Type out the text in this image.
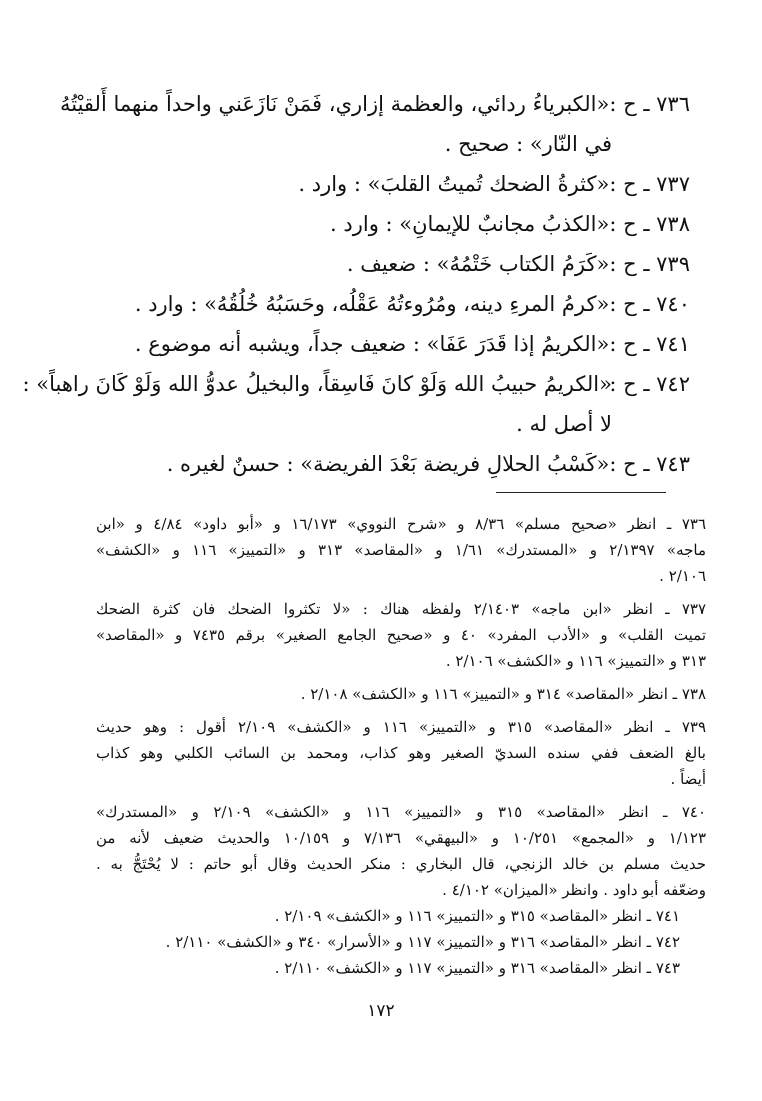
٧٣٦ ـ ح :
«الكبرياءُ ردائي، والعظمة إزاري، فَمَنْ نَازَعَني واحداً منهما أَلقيْتُهُ
في النّار» : صحيح .
٧٣٧ ـ ح :
«كثرةُ الضحك تُميتُ القلبَ» : وارد .
٧٣٨ ـ ح :
«الكذبُ مجانبٌ للإيمانِ» : وارد .
٧٣٩ ـ ح :
«كَرَمُ الكتاب خَتْمُهُ» : ضعيف .
٧٤٠ ـ ح :
«كرمُ المرءِ دينه، ومُرُوءتُهُ عَقْلُه، وحَسَبُهُ خُلُقُهُ» : وارد .
٧٤١ ـ ح :
«الكريمُ إذا قَدَرَ عَفَا» : ضعيف جداً، ويشبه أنه موضوع .
٧٤٢ ـ ح :
«الكريمُ حبيبُ الله وَلَوْ كانَ فَاسِقاً، والبخيلُ عدوُّ الله وَلَوْ كَانَ راهباً» :
لا أصل له .
٧٤٣ ـ ح :
«كَسْبُ الحلالِ فريضة بَعْدَ الفريضة» : حسنٌ لغيره .
٧٣٦ ـ انظر «صحيح مسلم» ٨/٣٦ و «شرح النووي» ١٦/١٧٣ و «أبو داود» ٤/٨٤ و «ابن
ماجه» ٢/١٣٩٧ و «المستدرك» ١/٦١ و «المقاصد» ٣١٣ و «التمييز» ١١٦ و «الكشف»
٢/١٠٦ .
٧٣٧ ـ انظر «ابن ماجه» ٢/١٤٠٣ ولفظه هناك : «لا تكثروا الضحك فان كثرة الضحك
تميت القلب» و «الأدب المفرد» ٤٠ و «صحيح الجامع الصغير» برقم ٧٤٣٥ و «المقاصد»
٣١٣ و «التمييز» ١١٦ و «الكشف» ٢/١٠٦ .
٧٣٨ ـ انظر «المقاصد» ٣١٤ و «التمييز» ١١٦ و «الكشف» ٢/١٠٨ .
٧٣٩ ـ انظر «المقاصد» ٣١٥ و «التمييز» ١١٦ و «الكشف» ٢/١٠٩ أقول : وهو حديث
بالغ الضعف ففي سنده السديّ الصغير وهو كذاب، ومحمد بن السائب الكلبي وهو كذاب
أيضاً .
٧٤٠ ـ انظر «المقاصد» ٣١٥ و «التمييز» ١١٦ و «الكشف» ٢/١٠٩ و «المستدرك»
١/١٢٣ و «المجمع» ١٠/٢٥١ و «البيهقي» ٧/١٣٦ و ١٠/١٥٩ والحديث ضعيف لأنه من
حديث مسلم بن خالد الزنجي، قال البخاري : منكر الحديث وقال أبو حاتم : لا يُحْتَجُّ به .
وضعّفه أبو داود . وانظر «الميزان» ٤/١٠٢ .
٧٤١ ـ انظر «المقاصد» ٣١٥ و «التمييز» ١١٦ و «الكشف» ٢/١٠٩ .
٧٤٢ ـ انظر «المقاصد» ٣١٦ و «التمييز» ١١٧ و «الأسرار» ٣٤٠ و «الكشف» ٢/١١٠ .
٧٤٣ ـ انظر «المقاصد» ٣١٦ و «التمييز» ١١٧ و «الكشف» ٢/١١٠ .
١٧٢
